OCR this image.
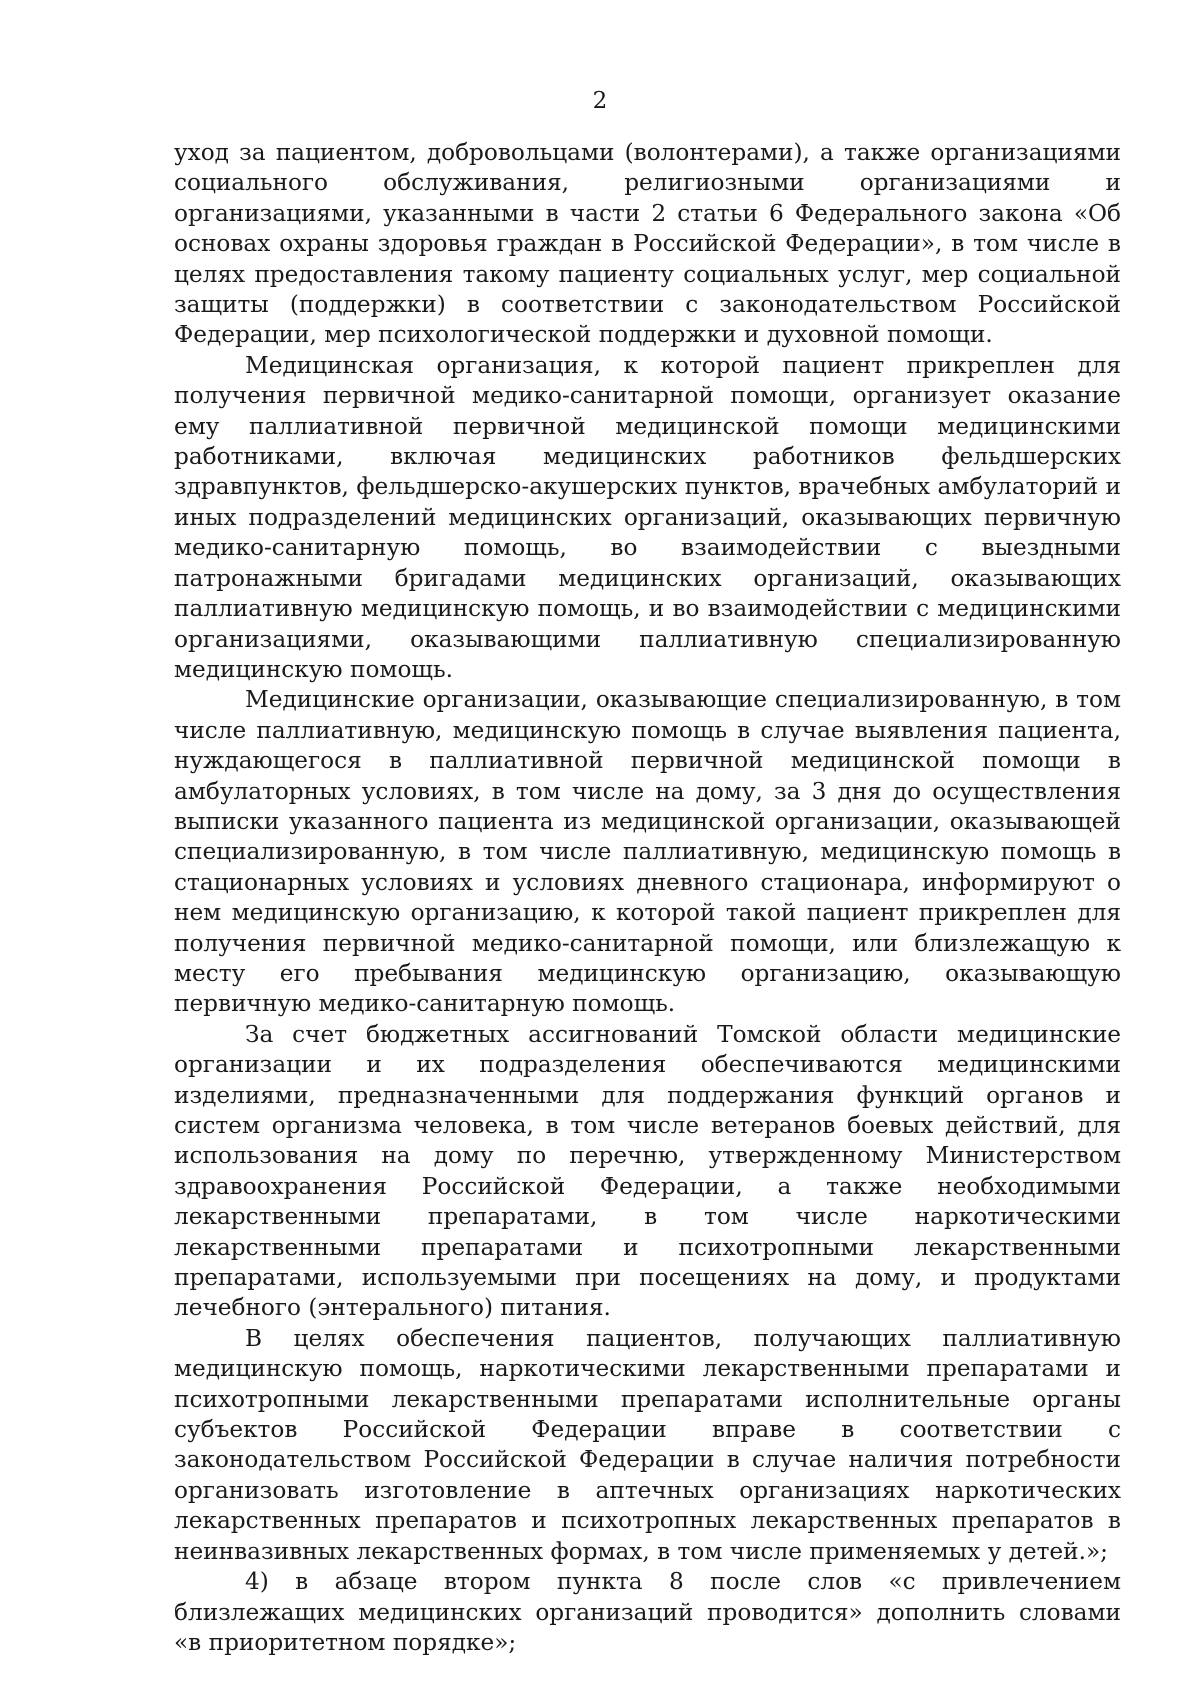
2

уход за пациентом, добровольцами (волонтерами), а также организациями социального обслуживания, религиозными организациями и организациями, указанными в части 2 статьи 6 Федерального закона «Об основах охраны здоровья граждан в Российской Федерации», в том числе в целях предоставления такому пациенту социальных услуг, мер социальной защиты (поддержки) в соответствии с законодательством Российской Федерации, мер психологической поддержки и духовной помощи.

Медицинская организация, к которой пациент прикреплен для получения первичной медико-санитарной помощи, организует оказание ему паллиативной первичной медицинской помощи медицинскими работниками, включая медицинских работников фельдшерских здравпунктов, фельдшерско-акушерских пунктов, врачебных амбулаторий и иных подразделений медицинских организаций, оказывающих первичную медико-санитарную помощь, во взаимодействии с выездными патронажными бригадами медицинских организаций, оказывающих паллиативную медицинскую помощь, и во взаимодействии с медицинскими организациями, оказывающими паллиативную специализированную медицинскую помощь.

Медицинские организации, оказывающие специализированную, в том числе паллиативную, медицинскую помощь в случае выявления пациента, нуждающегося в паллиативной первичной медицинской помощи в амбулаторных условиях, в том числе на дому, за 3 дня до осуществления выписки указанного пациента из медицинской организации, оказывающей специализированную, в том числе паллиативную, медицинскую помощь в стационарных условиях и условиях дневного стационара, информируют о нем медицинскую организацию, к которой такой пациент прикреплен для получения первичной медико-санитарной помощи, или близлежащую к месту его пребывания медицинскую организацию, оказывающую первичную медико-санитарную помощь.

За счет бюджетных ассигнований Томской области медицинские организации и их подразделения обеспечиваются медицинскими изделиями, предназначенными для поддержания функций органов и систем организма человека, в том числе ветеранов боевых действий, для использования на дому по перечню, утвержденному Министерством здравоохранения Российской Федерации, а также необходимыми лекарственными препаратами, в том числе наркотическими лекарственными препаратами и психотропными лекарственными препаратами, используемыми при посещениях на дому, и продуктами лечебного (энтерального) питания.

В целях обеспечения пациентов, получающих паллиативную медицинскую помощь, наркотическими лекарственными препаратами и психотропными лекарственными препаратами исполнительные органы субъектов Российской Федерации вправе в соответствии с законодательством Российской Федерации в случае наличия потребности организовать изготовление в аптечных организациях наркотических лекарственных препаратов и психотропных лекарственных препаратов в неинвазивных лекарственных формах, в том числе применяемых у детей.»;

4) в абзаце втором пункта 8 после слов «с привлечением близлежащих медицинских организаций проводится» дополнить словами «в приоритетном порядке»;
